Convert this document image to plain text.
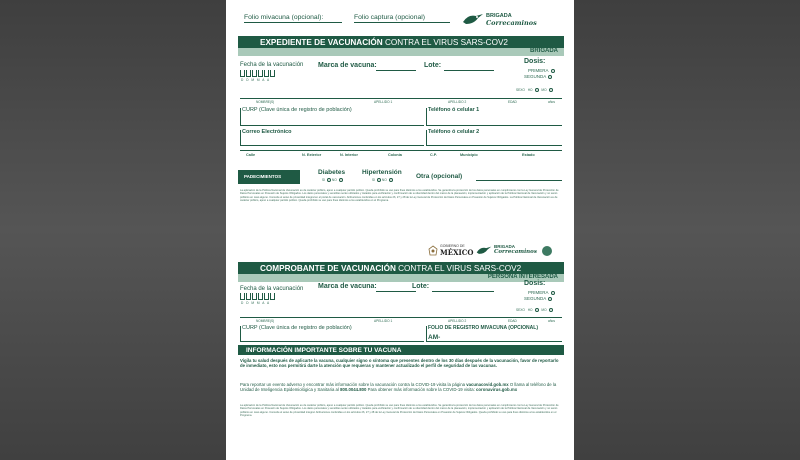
Folio mivacuna (opcional):	Folio captura (opcional)	BRIGADA
Correcaminos
EXPEDIENTE DE VACUNACIÓN CONTRA EL VIRUS SARS-COV2
BRIGADA
Fecha de la vacunación
D D M M A A
Marca de vacuna:	Lote:
Dosis:
PRIMERA
SEGUNDA
SEXO HO	MO
NOMBRE(S)	APELLIDO 1	APELLIDO 2	EDAD	años
CURP (Clave única de registro de población)	Teléfono ó celular 1
Correo Electrónico	Teléfono ó celular 2
Calle	N. Exterior	N. Interior	Colonia	C.P.	Municipio	Estado
PADECIMIENTOS
Diabetes
SI NO
Hipertensión
SI NO	Otra (opcional)
La aplicación de la Política Nacional de Vacunación es de carácter público, ajeno a cualquier partido político. Queda prohibido su uso para fines distintos a los establecidos. Se garantiza la protección de los datos personales en cumplimiento con la Ley General de Protección de Datos Personales en Posesión de Sujetos Obligados. Los datos personales y sensibles serán utilizados y tratados para verificación y confirmación de su identidad dentro del marco de la planeación, implementación y aplicación de la Política Nacional de Vacunación y no serán públicos en caso alguno. Consulte el aviso de privacidad integral en el portal de vacunación. Atribuciones conferidas en los artículos 26, 27 y 28 de la Ley General de Protección de Datos Personales en Posesión de Sujetos Obligados. La Política Nacional de Vacunación es de carácter público, ajeno a cualquier partido político. Queda prohibido su uso para fines distintos a los establecidos en el Programa.
GOBIERNO DE
MÉXICO
BRIGADA
Correcaminos
COMPROBANTE DE VACUNACIÓN CONTRA EL VIRUS SARS-COV2
PERSONA INTERESADA
Fecha de la vacunación
D D M M A A
Marca de vacuna:	Lote:	Dosis:
PRIMERA
SEGUNDA
SEXO HO	MO
NOMBRE(S)	APELLIDO 1	APELLIDO 2	EDAD	años
CURP (Clave única de registro de población)	FOLIO DE REGISTRO MIVACUNA (OPCIONAL)
AM-
INFORMACIÓN IMPORTANTE SOBRE TU VACUNA
Vigila tu salud después de aplicarte la vacuna, cualquier signo o síntoma que presentes dentro de los 30 días después de la vacunación, favor de reportarlo de inmediato, esto nos permitirá darte la atención que requieras y mantener actualizado el perfil de seguridad de las vacunas.
Para reportar un evento adverso y encontrar más información sobre la vacunación contra la COVID-19 visita la página vacunacovid.gob.mx O llama al teléfono de la Unidad de Inteligencia Epidemiológica y Sanitaria al 800.0044.800 Para obtener más información sobre la COVID-19 visita: coronavirus.gob.mx
La aplicación de la Política Nacional de Vacunación es de carácter público, ajeno a cualquier partido político. Queda prohibido su uso para fines distintos a los establecidos. Se garantiza la protección de los datos personales en cumplimiento con la Ley General de Protección de Datos Personales en Posesión de Sujetos Obligados. Los datos personales y sensibles serán utilizados y tratados para verificación y confirmación de su identidad dentro del marco de la planeación, implementación y aplicación de la Política Nacional de Vacunación y no serán públicos en caso alguno. Consulte el aviso de privacidad integral. Atribuciones conferidas en los artículos 26, 27 y 28 de la Ley General de Protección de Datos Personales en Posesión de Sujetos Obligados. Queda prohibido su uso para fines distintos a los establecidos en el Programa.
